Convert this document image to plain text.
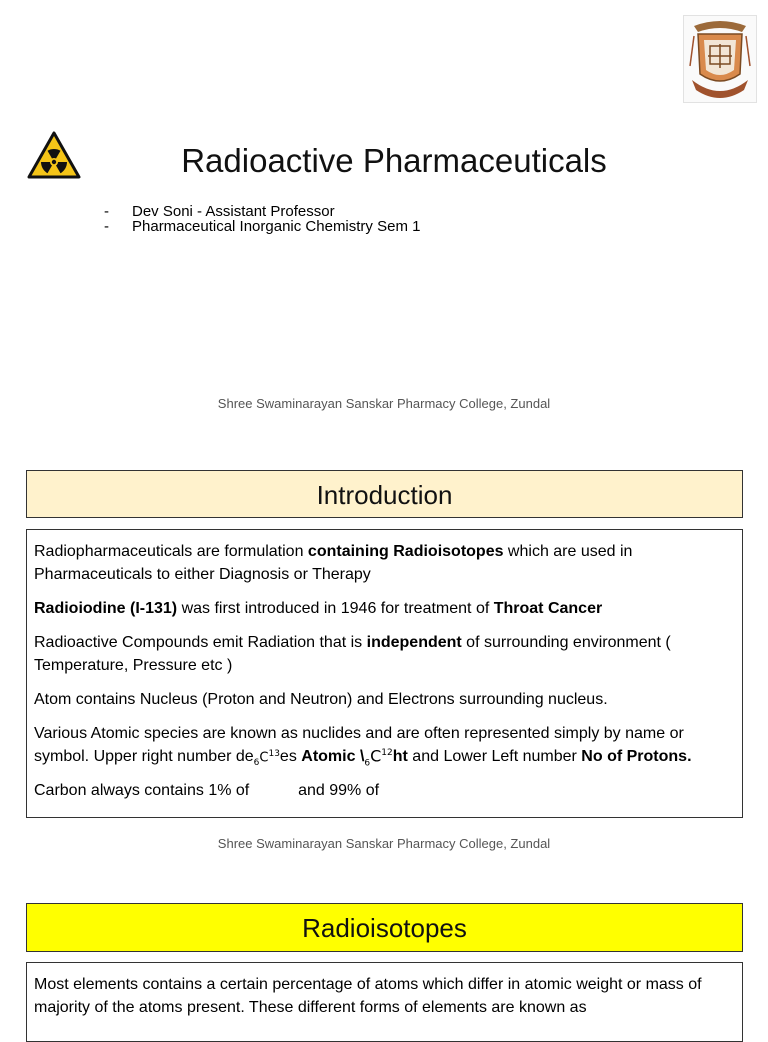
Radioactive Pharmaceuticals
-	Dev Soni - Assistant Professor
-	Pharmaceutical Inorganic Chemistry Sem 1
Shree Swaminarayan Sanskar Pharmacy College, Zundal
Introduction

Radiopharmaceuticals are formulation containing Radioisotopes which are used in Pharmaceuticals to either Diagnosis or Therapy

Radioiodine (I-131) was first introduced in 1946 for treatment of Throat Cancer

Radioactive Compounds emit Radiation that is independent of surrounding environment ( Temperature, Pressure etc )

Atom contains Nucleus (Proton and Neutron) and Electrons surrounding nucleus.

Various Atomic species are known as nuclides and are often represented simply by name or symbol. Upper right number $de_6C^{13}es$ Atomic $\backslash_6C^{12}ht$ and Lower Left number No of Protons.

Carbon always contains 1% of	and 99% of

Shree Swaminarayan Sanskar Pharmacy College, Zundal
Radioisotopes

Most elements contains a certain percentage of atoms which differ in atomic weight or mass of majority of the atoms present. These different forms of elements are known as
